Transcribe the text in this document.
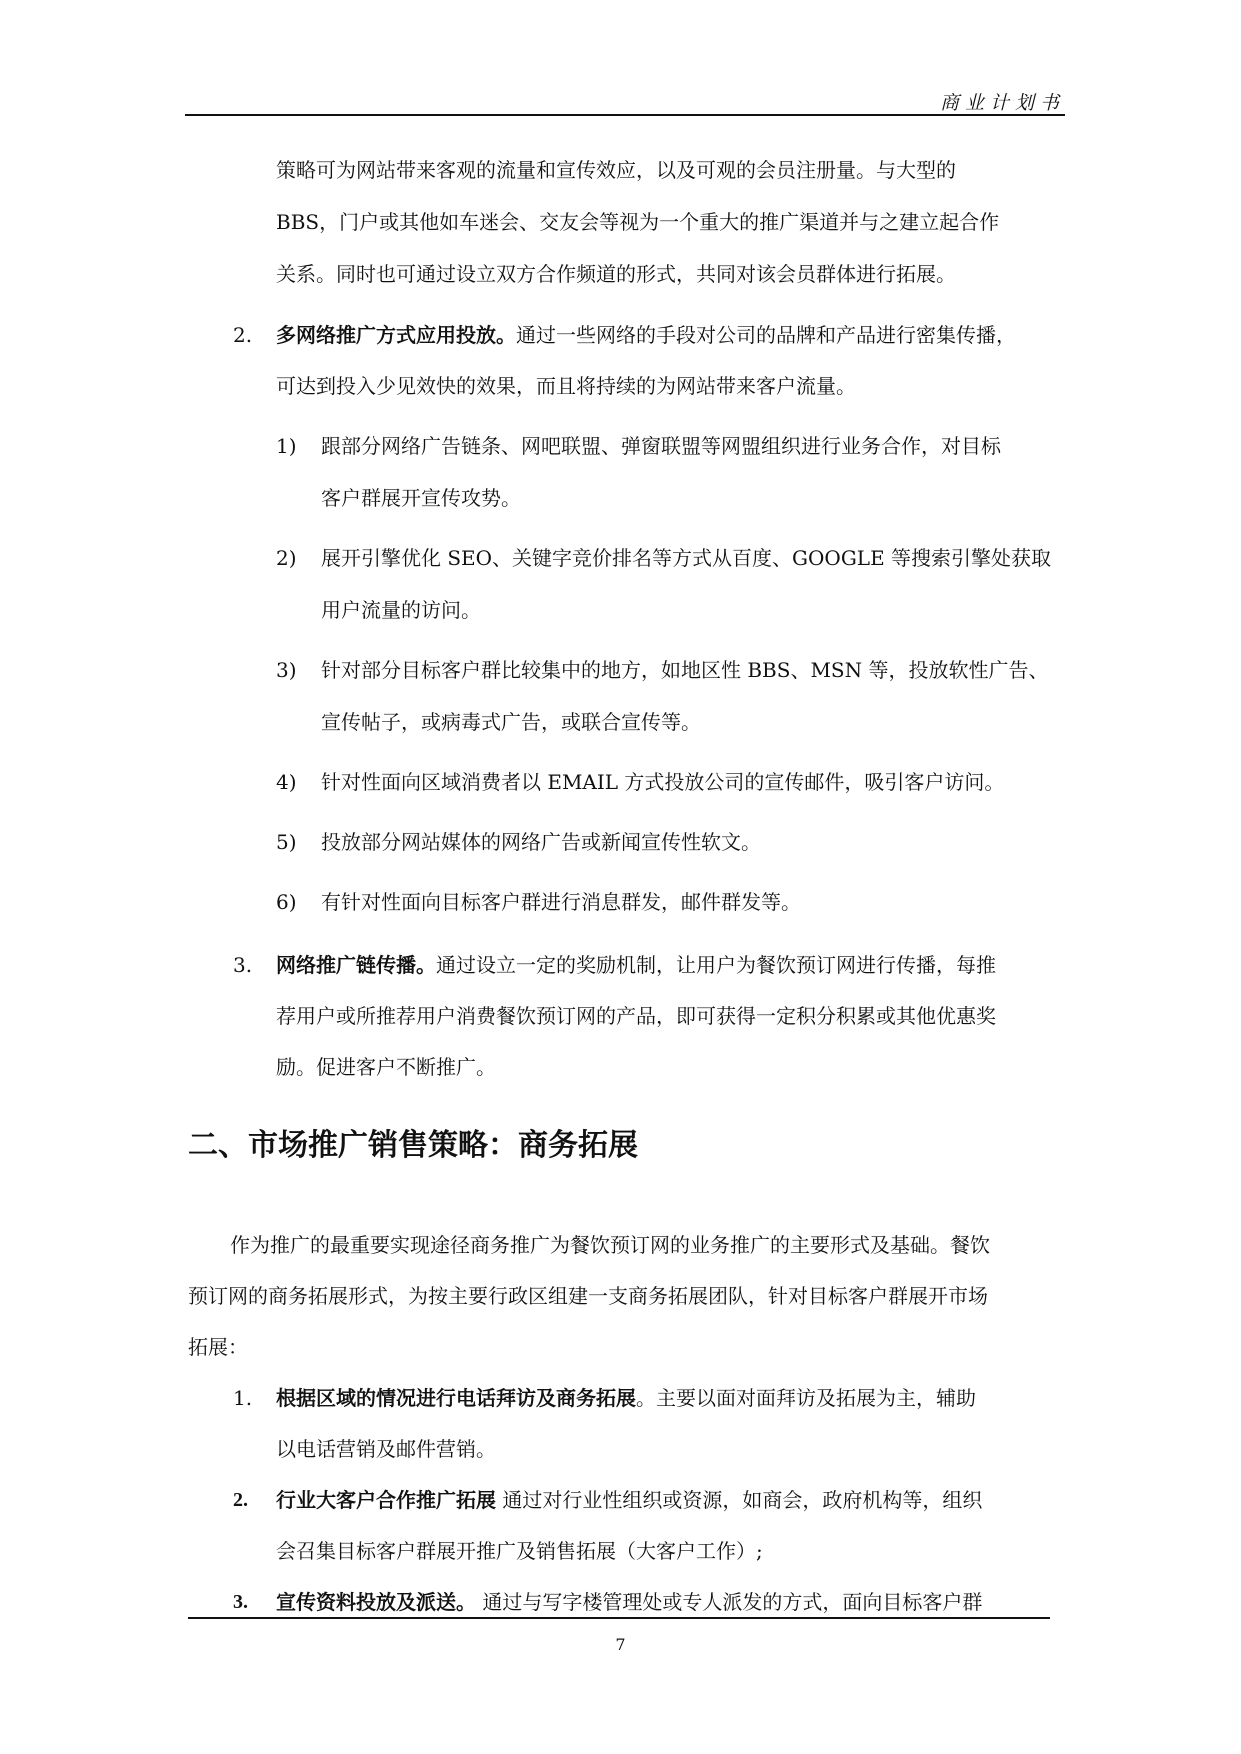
商业计划书
策略可为网站带来客观的流量和宣传效应，以及可观的会员注册量。与大型的
BBS，门户或其他如车迷会、交友会等视为一个重大的推广渠道并与之建立起合作
关系。同时也可通过设立双方合作频道的形式，共同对该会员群体进行拓展。
2. 多网络推广方式应用投放。通过一些网络的手段对公司的品牌和产品进行密集传播，
可达到投入少见效快的效果，而且将持续的为网站带来客户流量。
1) 跟部分网络广告链条、网吧联盟、弹窗联盟等网盟组织进行业务合作，对目标
客户群展开宣传攻势。
2) 展开引擎优化 SEO、关键字竞价排名等方式从百度、GOOGLE 等搜索引擎处获取
用户流量的访问。
3) 针对部分目标客户群比较集中的地方，如地区性 BBS、MSN 等，投放软性广告、
宣传帖子，或病毒式广告，或联合宣传等。
4) 针对性面向区域消费者以 EMAIL 方式投放公司的宣传邮件，吸引客户访问。
5) 投放部分网站媒体的网络广告或新闻宣传性软文。
6) 有针对性面向目标客户群进行消息群发，邮件群发等。
3. 网络推广链传播。通过设立一定的奖励机制，让用户为餐饮预订网进行传播，每推
荐用户或所推荐用户消费餐饮预订网的产品，即可获得一定积分积累或其他优惠奖
励。促进客户不断推广。
二、市场推广销售策略：商务拓展
作为推广的最重要实现途径商务推广为餐饮预订网的业务推广的主要形式及基础。餐饮
预订网的商务拓展形式，为按主要行政区组建一支商务拓展团队，针对目标客户群展开市场
拓展：
1. 根据区域的情况进行电话拜访及商务拓展。主要以面对面拜访及拓展为主，辅助
以电话营销及邮件营销。
2. 行业大客户合作推广拓展 通过对行业性组织或资源，如商会，政府机构等，组织
会召集目标客户群展开推广及销售拓展（大客户工作）;
3. 宣传资料投放及派送。 通过与写字楼管理处或专人派发的方式，面向目标客户群
7
